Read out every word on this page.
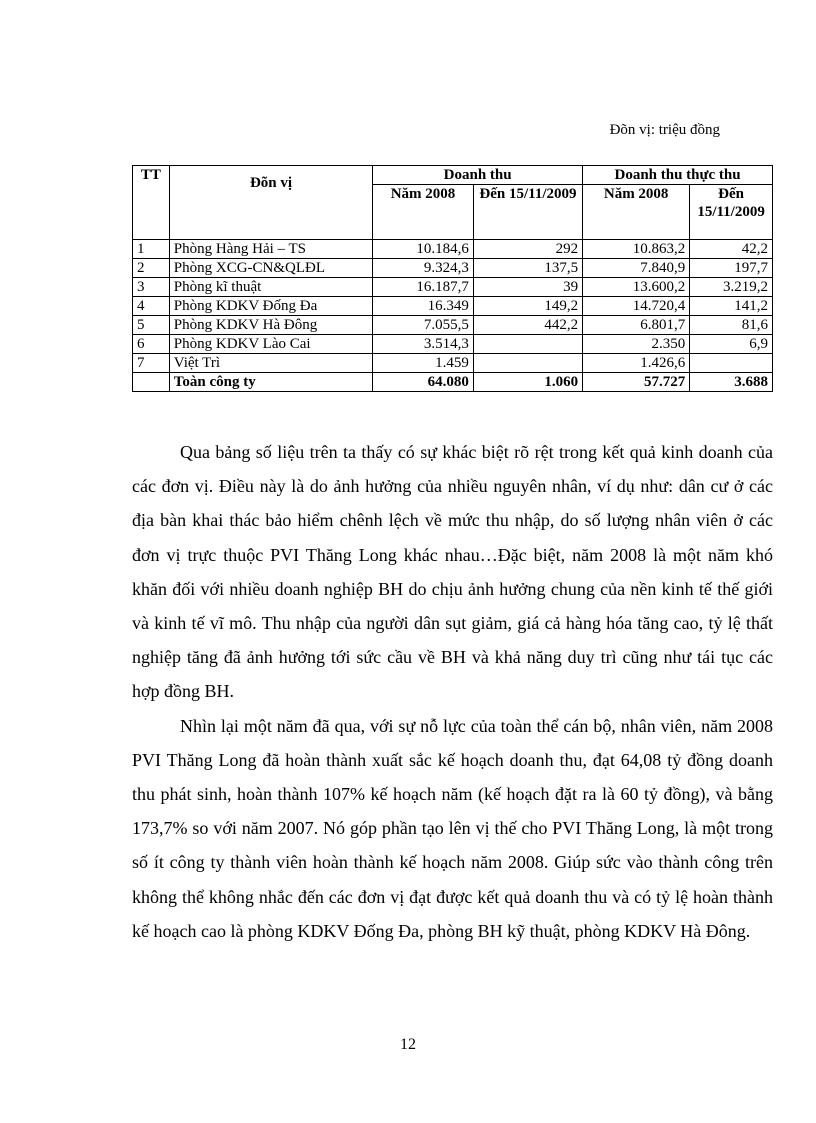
Đõn vị: triệu đồng
TT	Đõn vị	Doanh thu		Doanh thu thực thu	
		Năm 2008	Đến 15/11/2009	Năm 2008	Đến 15/11/2009
1	Phòng Hàng Hải – TS	10.184,6	292	10.863,2	42,2
2	Phòng XCG-CN&QLĐL	9.324,3	137,5	7.840,9	197,7
3	Phòng kĩ thuật	16.187,7	39	13.600,2	3.219,2
4	Phòng KDKV Đống Đa	16.349	149,2	14.720,4	141,2
5	Phòng KDKV Hà Đông	7.055,5	442,2	6.801,7	81,6
6	Phòng KDKV Lào Cai	3.514,3		2.350	6,9
7	Việt Trì	1.459		1.426,6	
	Toàn công ty	64.080	1.060	57.727	3.688

Qua bảng số liệu trên ta thấy có sự khác biệt rõ rệt trong kết quả kinh doanh của các đơn vị. Điều này là do ảnh hưởng của nhiều nguyên nhân, ví dụ như: dân cư ở các địa bàn khai thác bảo hiểm chênh lệch về mức thu nhập, do số lượng nhân viên ở các đơn vị trực thuộc PVI Thăng Long khác nhau…Đặc biệt, năm 2008 là một năm khó khăn đối với nhiều doanh nghiệp BH do chịu ảnh hưởng chung của nền kinh tế thế giới và kinh tế vĩ mô. Thu nhập của người dân sụt giảm, giá cả hàng hóa tăng cao, tỷ lệ thất nghiệp tăng đã ảnh hưởng tới sức cầu về BH và khả năng duy trì cũng như tái tục các hợp đồng BH.

Nhìn lại một năm đã qua, với sự nỗ lực của toàn thể cán bộ, nhân viên, năm 2008 PVI Thăng Long đã hoàn thành xuất sắc kế hoạch doanh thu, đạt 64,08 tỷ đồng doanh thu phát sinh, hoàn thành 107% kế hoạch năm (kế hoạch đặt ra là 60 tỷ đồng), và bằng 173,7% so với năm 2007. Nó góp phần tạo lên vị thế cho PVI Thăng Long, là một trong số ít công ty thành viên hoàn thành kế hoạch năm 2008. Giúp sức vào thành công trên không thể không nhắc đến các đơn vị đạt được kết quả doanh thu và có tỷ lệ hoàn thành kế hoạch cao là phòng KDKV Đống Đa, phòng BH kỹ thuật, phòng KDKV Hà Đông.

12
